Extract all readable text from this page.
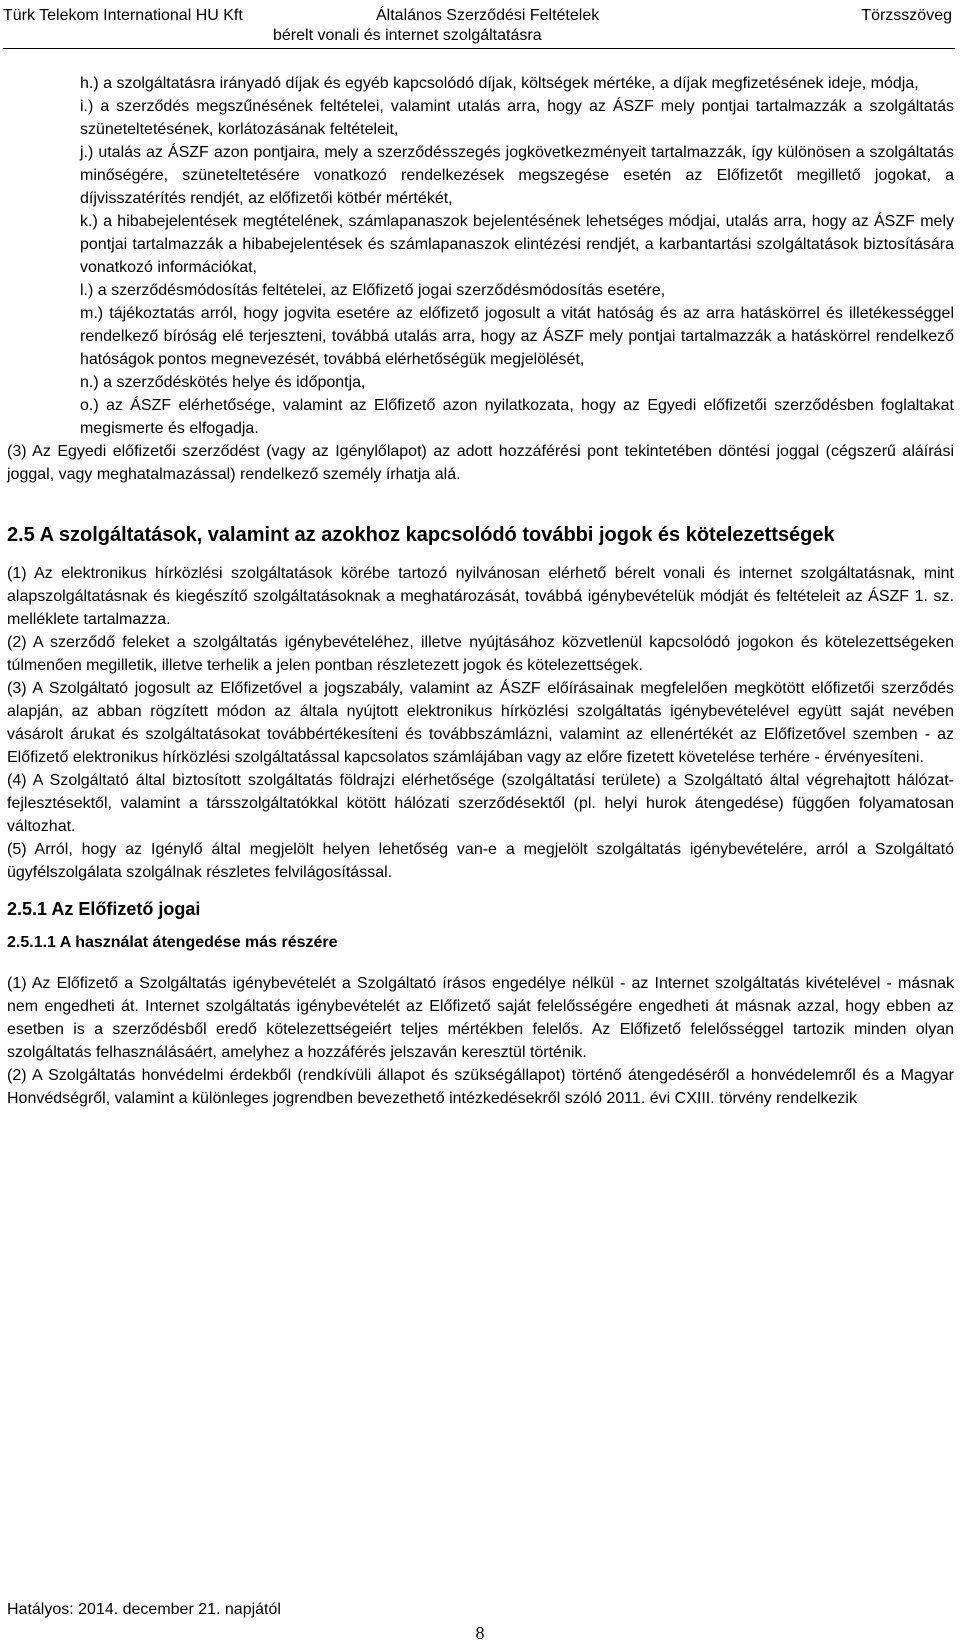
Türk Telekom International HU Kft	Általános Szerződési Feltételek	Törzsszöveg
bérelt vonali és internet szolgáltatásra

h.) a szolgáltatásra irányadó díjak és egyéb kapcsolódó díjak, költségek mértéke, a díjak megfizetésének ideje, módja,

i.) a szerződés megszűnésének feltételei, valamint utalás arra, hogy az ÁSZF mely pontjai tartalmazzák a szolgáltatás szüneteltetésének, korlátozásának feltételeit,

j.) utalás az ÁSZF azon pontjaira, mely a szerződésszegés jogkövetkezményeit tartalmazzák, így különösen a szolgáltatás minőségére, szüneteltetésére vonatkozó rendelkezések megszegése esetén az Előfizetőt megillető jogokat, a díjvisszatérítés rendjét, az előfizetői kötbér mértékét,

k.) a hibabejelentések megtételének, számlapanaszok bejelentésének lehetséges módjai, utalás arra, hogy az ÁSZF mely pontjai tartalmazzák a hibabejelentések és számlapanaszok elintézési rendjét, a karbantartási szolgáltatások biztosítására vonatkozó információkat,

l.) a szerződésmódosítás feltételei, az Előfizető jogai szerződésmódosítás esetére,

m.) tájékoztatás arról, hogy jogvita esetére az előfizető jogosult a vitát hatóság és az arra hatáskörrel és illetékességgel rendelkező bíróság elé terjeszteni, továbbá utalás arra, hogy az ÁSZF mely pontjai tartalmazzák a hatáskörrel rendelkező hatóságok pontos megnevezését, továbbá elérhetőségük megjelölését,

n.) a szerződéskötés helye és időpontja,

o.) az ÁSZF elérhetősége, valamint az Előfizető azon nyilatkozata, hogy az Egyedi előfizetői szerződésben foglaltakat megismerte és elfogadja.

(3) Az Egyedi előfizetői szerződést (vagy az Igénylőlapot) az adott hozzáférési pont tekintetében döntési joggal (cégszerű aláírási joggal, vagy meghatalmazással) rendelkező személy írhatja alá.

2.5 A szolgáltatások, valamint az azokhoz kapcsolódó további jogok és kötelezettségek

(1) Az elektronikus hírközlési szolgáltatások körébe tartozó nyilvánosan elérhető bérelt vonali és internet szolgáltatásnak, mint alapszolgáltatásnak és kiegészítő szolgáltatásoknak a meghatározását, továbbá igénybevételük módját és feltételeit az ÁSZF 1. sz. melléklete tartalmazza.

(2) A szerződő feleket a szolgáltatás igénybevételéhez, illetve nyújtásához közvetlenül kapcsolódó jogokon és kötelezettségeken túlmenően megilletik, illetve terhelik a jelen pontban részletezett jogok és kötelezettségek.

(3) A Szolgáltató jogosult az Előfizetővel a jogszabály, valamint az ÁSZF előírásainak megfelelően megkötött előfizetői szerződés alapján, az abban rögzített módon az általa nyújtott elektronikus hírközlési szolgáltatás igénybevételével együtt saját nevében vásárolt árukat és szolgáltatásokat továbbértékesíteni és továbbszámlázni, valamint az ellenértékét az Előfizetővel szemben - az Előfizető elektronikus hírközlési szolgáltatással kapcsolatos számlájában vagy az előre fizetett követelése terhére - érvényesíteni.

(4) A Szolgáltató által biztosított szolgáltatás földrajzi elérhetősége (szolgáltatási területe) a Szolgáltató által végrehajtott hálózat-fejlesztésektől, valamint a társszolgáltatókkal kötött hálózati szerződésektől (pl. helyi hurok átengedése) függően folyamatosan változhat.

(5) Arról, hogy az Igénylő által megjelölt helyen lehetőség van-e a megjelölt szolgáltatás igénybevételére, arról a Szolgáltató ügyfélszolgálata szolgálnak részletes felvilágosítással.

2.5.1 Az Előfizető jogai
2.5.1.1 A használat átengedése más részére

(1) Az Előfizető a Szolgáltatás igénybevételét a Szolgáltató írásos engedélye nélkül - az Internet szolgáltatás kivételével - másnak nem engedheti át. Internet szolgáltatás igénybevételét az Előfizető saját felelősségére engedheti át másnak azzal, hogy ebben az esetben is a szerződésből eredő kötelezettségeiért teljes mértékben felelős. Az Előfizető felelősséggel tartozik minden olyan szolgáltatás felhasználásáért, amelyhez a hozzáférés jelszaván keresztül történik.

(2) A Szolgáltatás honvédelmi érdekből (rendkívüli állapot és szükségállapot) történő átengedéséről a honvédelemről és a Magyar Honvédségről, valamint a különleges jogrendben bevezethető intézkedésekről szóló 2011. évi CXIII. törvény rendelkezik

Hatályos: 2014. december 21. napjától
8
